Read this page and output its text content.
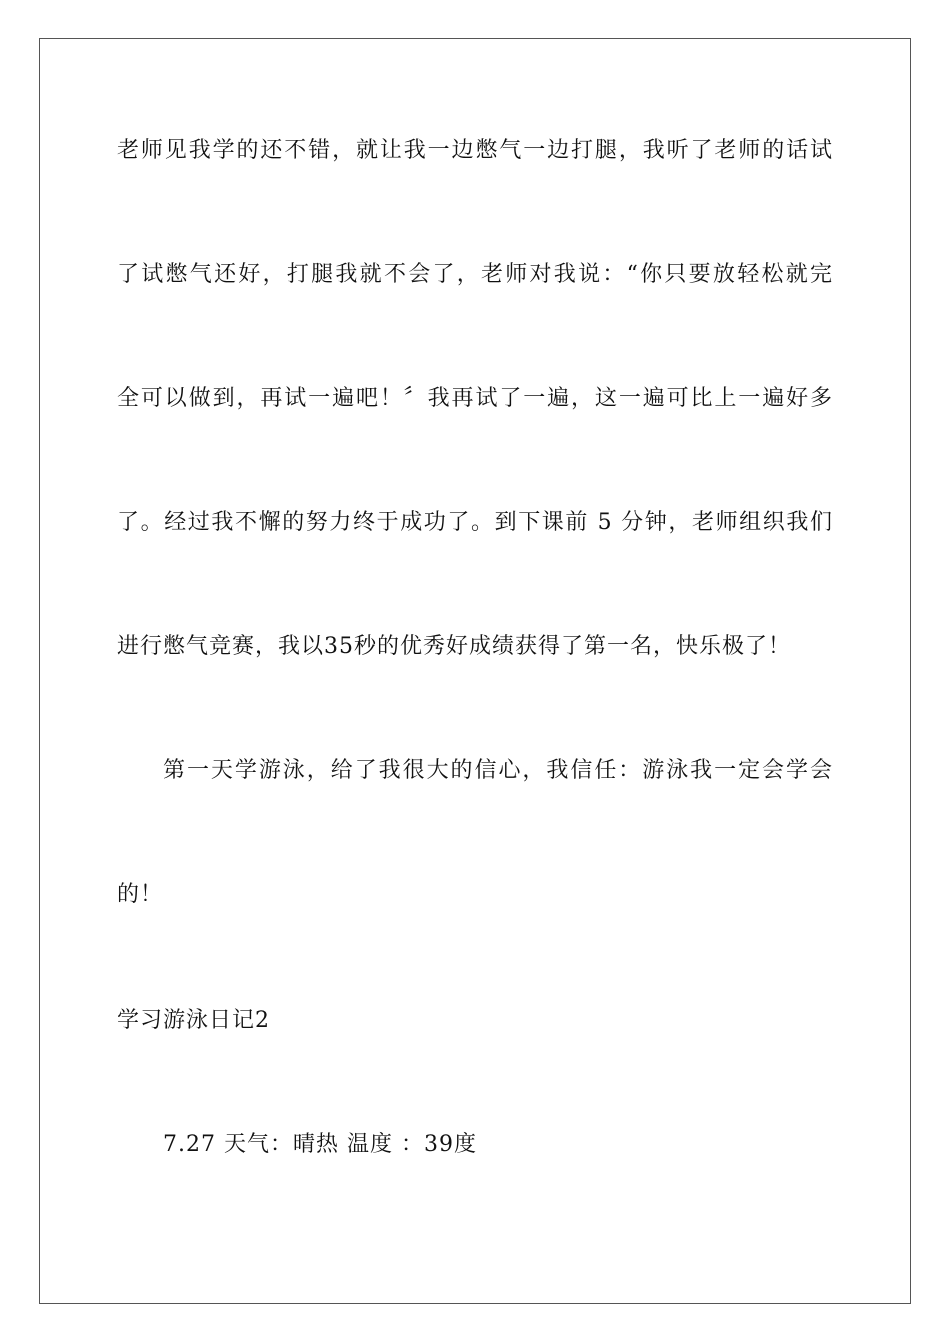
老师见我学的还不错，就让我一边憋气一边打腿，我听了老师的话试
了试憋气还好，打腿我就不会了，老师对我说：“你只要放轻松就完
全可以做到，再试一遍吧！〞我再试了一遍，这一遍可比上一遍好多
了。经过我不懈的努力终于成功了。到下课前 5 分钟，老师组织我们
进行憋气竞赛，我以35秒的优秀好成绩获得了第一名，快乐极了！
第一天学游泳，给了我很大的信心，我信任：游泳我一定会学会
的！
学习游泳日记2
7.27 天气：晴热 温度 ：39度
